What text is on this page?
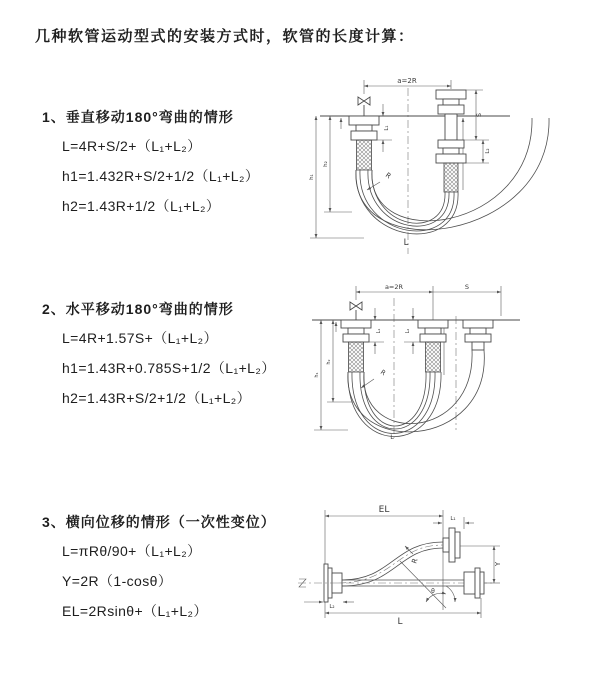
几种软管运动型式的安装方式时，软管的长度计算：
1、垂直移动180°弯曲的情形
L=4R+S/2+（L₁+L₂）
h1=1.432R+S/2+1/2（L₁+L₂）
h2=1.43R+1/2（L₁+L₂）
2、水平移动180°弯曲的情形
L=4R+1.57S+（L₁+L₂）
h1=1.43R+0.785S+1/2（L₁+L₂）
h2=1.43R+S/2+1/2（L₁+L₂）
3、横向位移的情形（一次性变位）
L=πRθ/90+（L₁+L₂）
Y=2R（1-cosθ）
EL=2Rsinθ+（L₁+L₂）
a=2R
L₁
S
L₂
R
h₁
h₂
L
a=2R	S
L₁	L₂
R
h₁
h₂
L
EL
L₁
Y
R
θ
L₂
L
